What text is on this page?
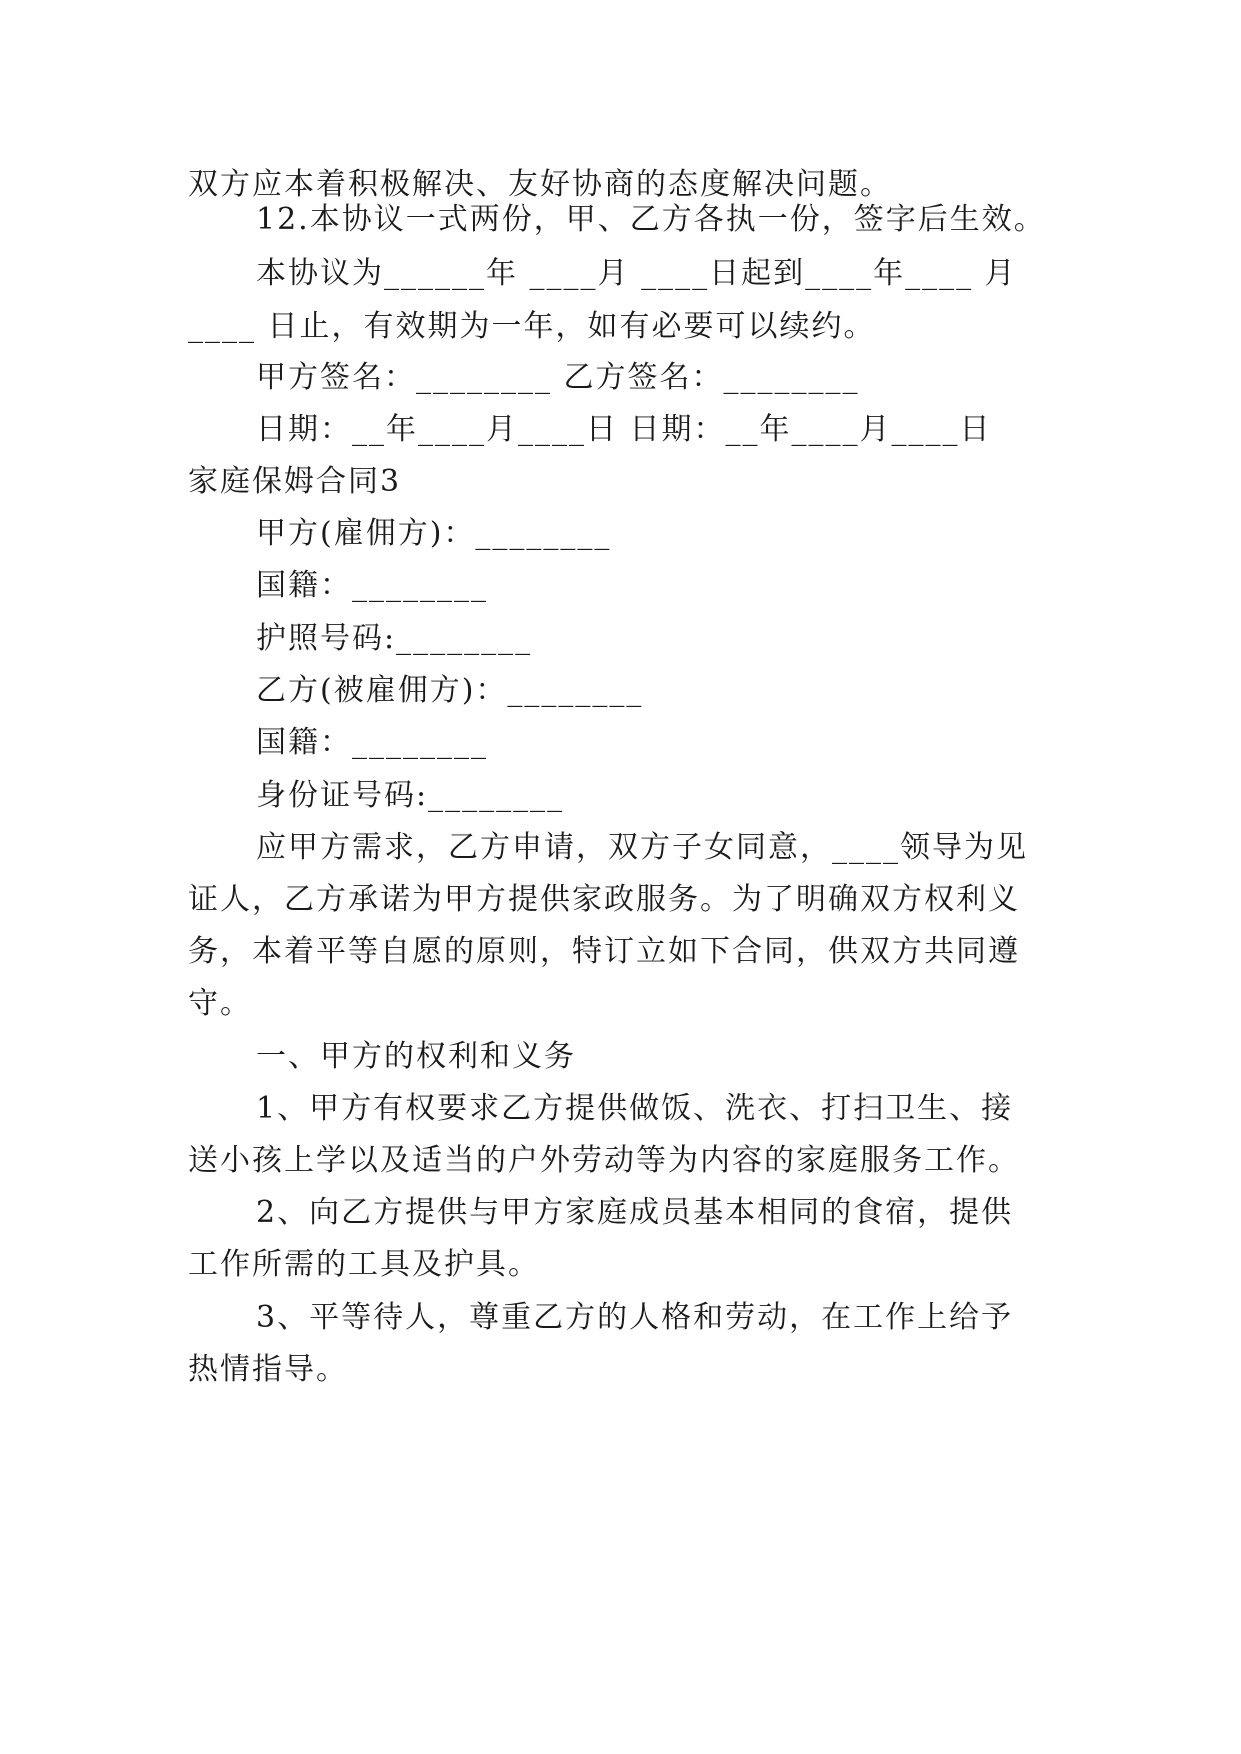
双方应本着积极解决、友好协商的态度解决问题。

12.本协议一式两份，甲、乙方各执一份，签字后生效。

本协议为______年 ____月 ____日起到____年____ 月

____ 日止，有效期为一年，如有必要可以续约。

甲方签名：________ 乙方签名：________

日期：__年____月____日 日期：__年____月____日

家庭保姆合同3

甲方(雇佣方)：________

国籍：________

护照号码:________

乙方(被雇佣方)：________

国籍：________

身份证号码:________

应甲方需求，乙方申请，双方子女同意，____领导为见

证人，乙方承诺为甲方提供家政服务。为了明确双方权利义

务，本着平等自愿的原则，特订立如下合同，供双方共同遵

守。

一、甲方的权利和义务

1、甲方有权要求乙方提供做饭、洗衣、打扫卫生、接

送小孩上学以及适当的户外劳动等为内容的家庭服务工作。

2、向乙方提供与甲方家庭成员基本相同的食宿，提供

工作所需的工具及护具。

3、平等待人，尊重乙方的人格和劳动，在工作上给予

热情指导。
